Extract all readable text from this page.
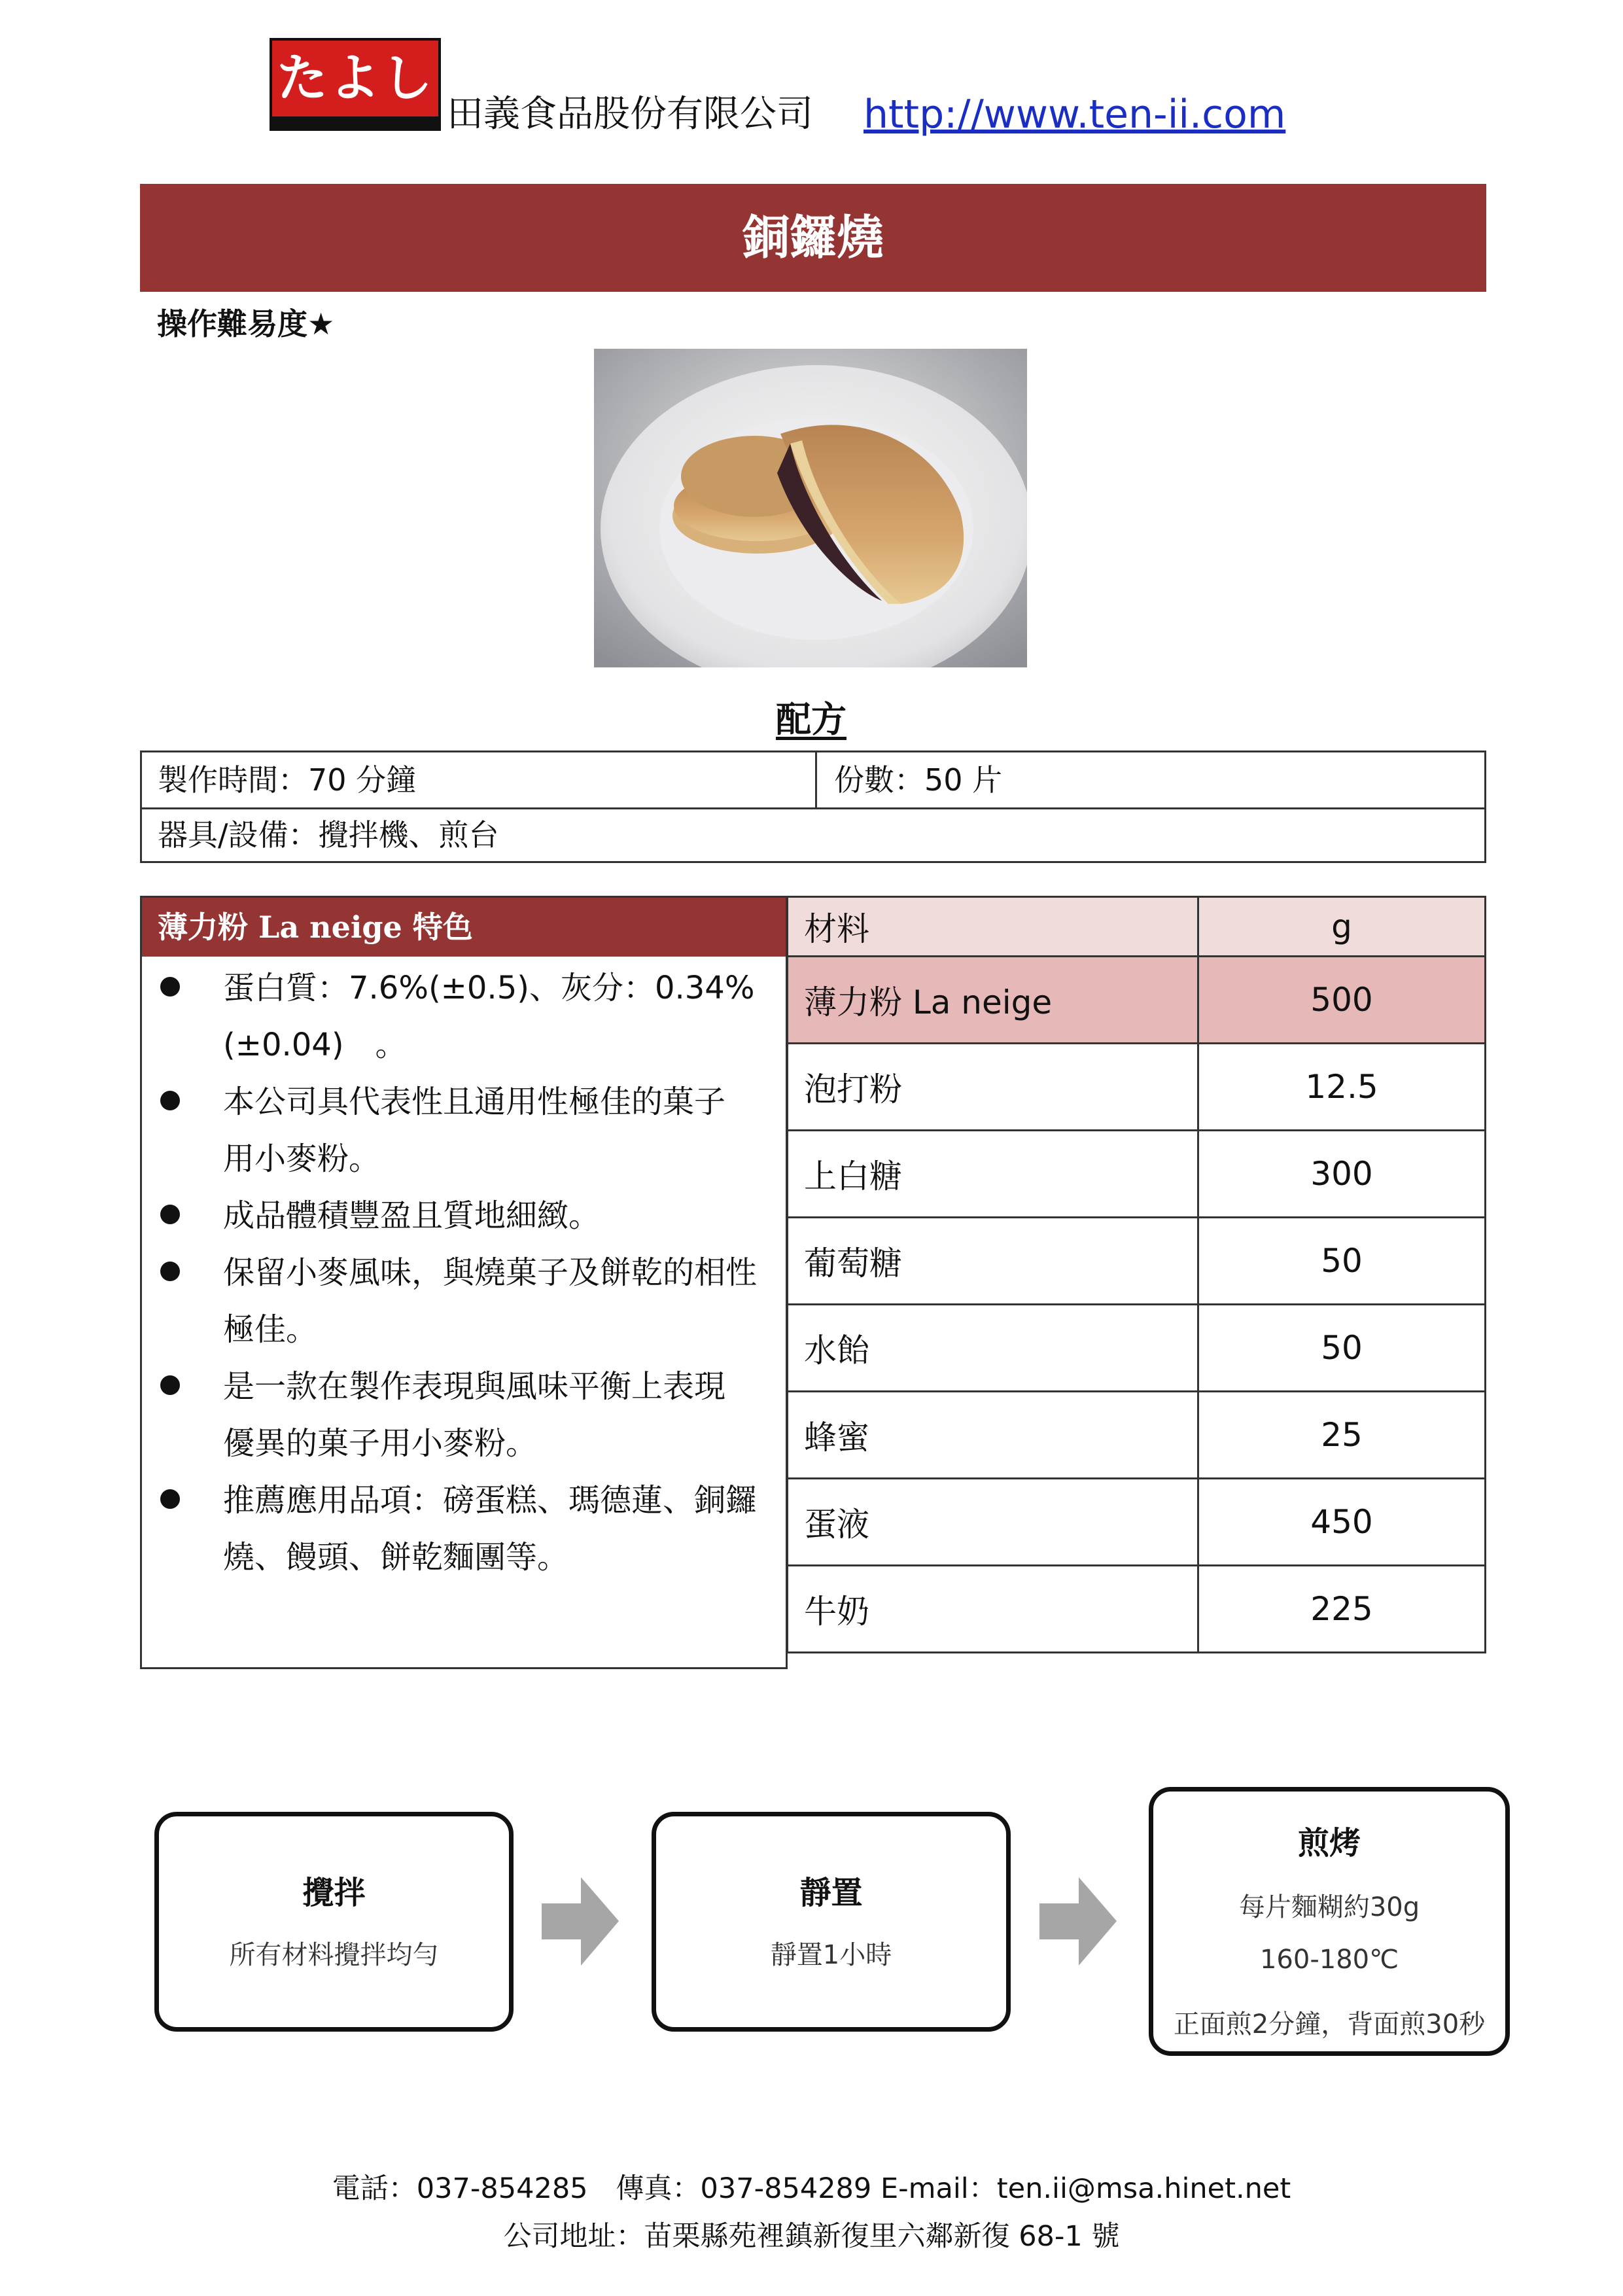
たよし
田義食品股份有限公司 http://www.ten-ii.com
銅鑼燒
操作難易度★
配方
製作時間：70 分鐘	份數：50 片
器具/設備：攪拌機、煎台
薄力粉 La neige 特色
蛋白質：7.6%(±0.5)、灰分：0.34%
(±0.04)　。
本公司具代表性且通用性極佳的菓子
用小麥粉。
成品體積豐盈且質地細緻。
保留小麥風味，與燒菓子及餅乾的相性
極佳。
是一款在製作表現與風味平衡上表現
優異的菓子用小麥粉。
推薦應用品項：磅蛋糕、瑪德蓮、銅鑼
燒、饅頭、餅乾麵團等。
材料	g
薄力粉 La neige	500
泡打粉	12.5
上白糖	300
葡萄糖	50
水飴	50
蜂蜜	25
蛋液	450
牛奶	225
攪拌
所有材料攪拌均勻
靜置
靜置1小時
煎烤
每片麵糊約30g
160-180℃
正面煎2分鐘，背面煎30秒
電話：037-854285　傳真：037-854289 E-mail：ten.ii@msa.hinet.net
公司地址：苗栗縣苑裡鎮新復里六鄰新復 68-1 號
